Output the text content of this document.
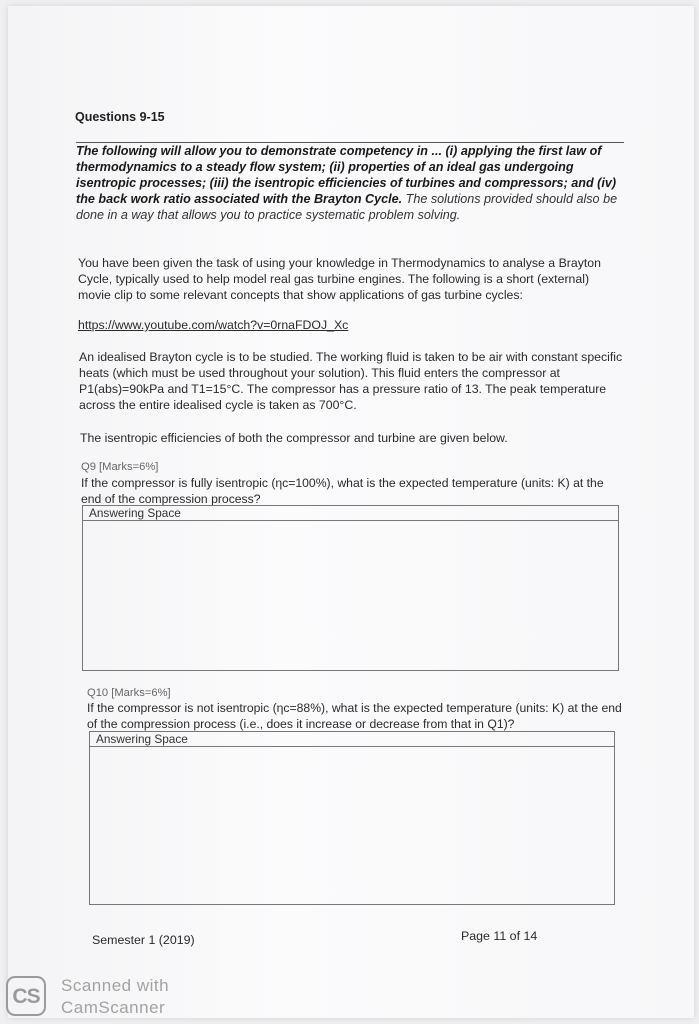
Questions 9-15
The following will allow you to demonstrate competency in ... (i) applying the first law of thermodynamics to a steady flow system; (ii) properties of an ideal gas undergoing isentropic processes; (iii) the isentropic efficiencies of turbines and compressors; and (iv) the back work ratio associated with the Brayton Cycle. The solutions provided should also be done in a way that allows you to practice systematic problem solving.
You have been given the task of using your knowledge in Thermodynamics to analyse a Brayton Cycle, typically used to help model real gas turbine engines. The following is a short (external) movie clip to some relevant concepts that show applications of gas turbine cycles:
https://www.youtube.com/watch?v=0rnaFDOJ_Xc
An idealised Brayton cycle is to be studied. The working fluid is taken to be air with constant specific heats (which must be used throughout your solution). This fluid enters the compressor at P1(abs)=90kPa and T1=15°C. The compressor has a pressure ratio of 13. The peak temperature across the entire idealised cycle is taken as 700°C.
The isentropic efficiencies of both the compressor and turbine are given below.
Q9 [Marks=6%]
If the compressor is fully isentropic (ηc=100%), what is the expected temperature (units: K) at the end of the compression process?
Answering Space
Q10 [Marks=6%]
If the compressor is not isentropic (ηc=88%), what is the expected temperature (units: K) at the end of the compression process (i.e., does it increase or decrease from that in Q1)?
Answering Space
Semester 1 (2019)	Page 11 of 14
CS	Scanned with
CamScanner
